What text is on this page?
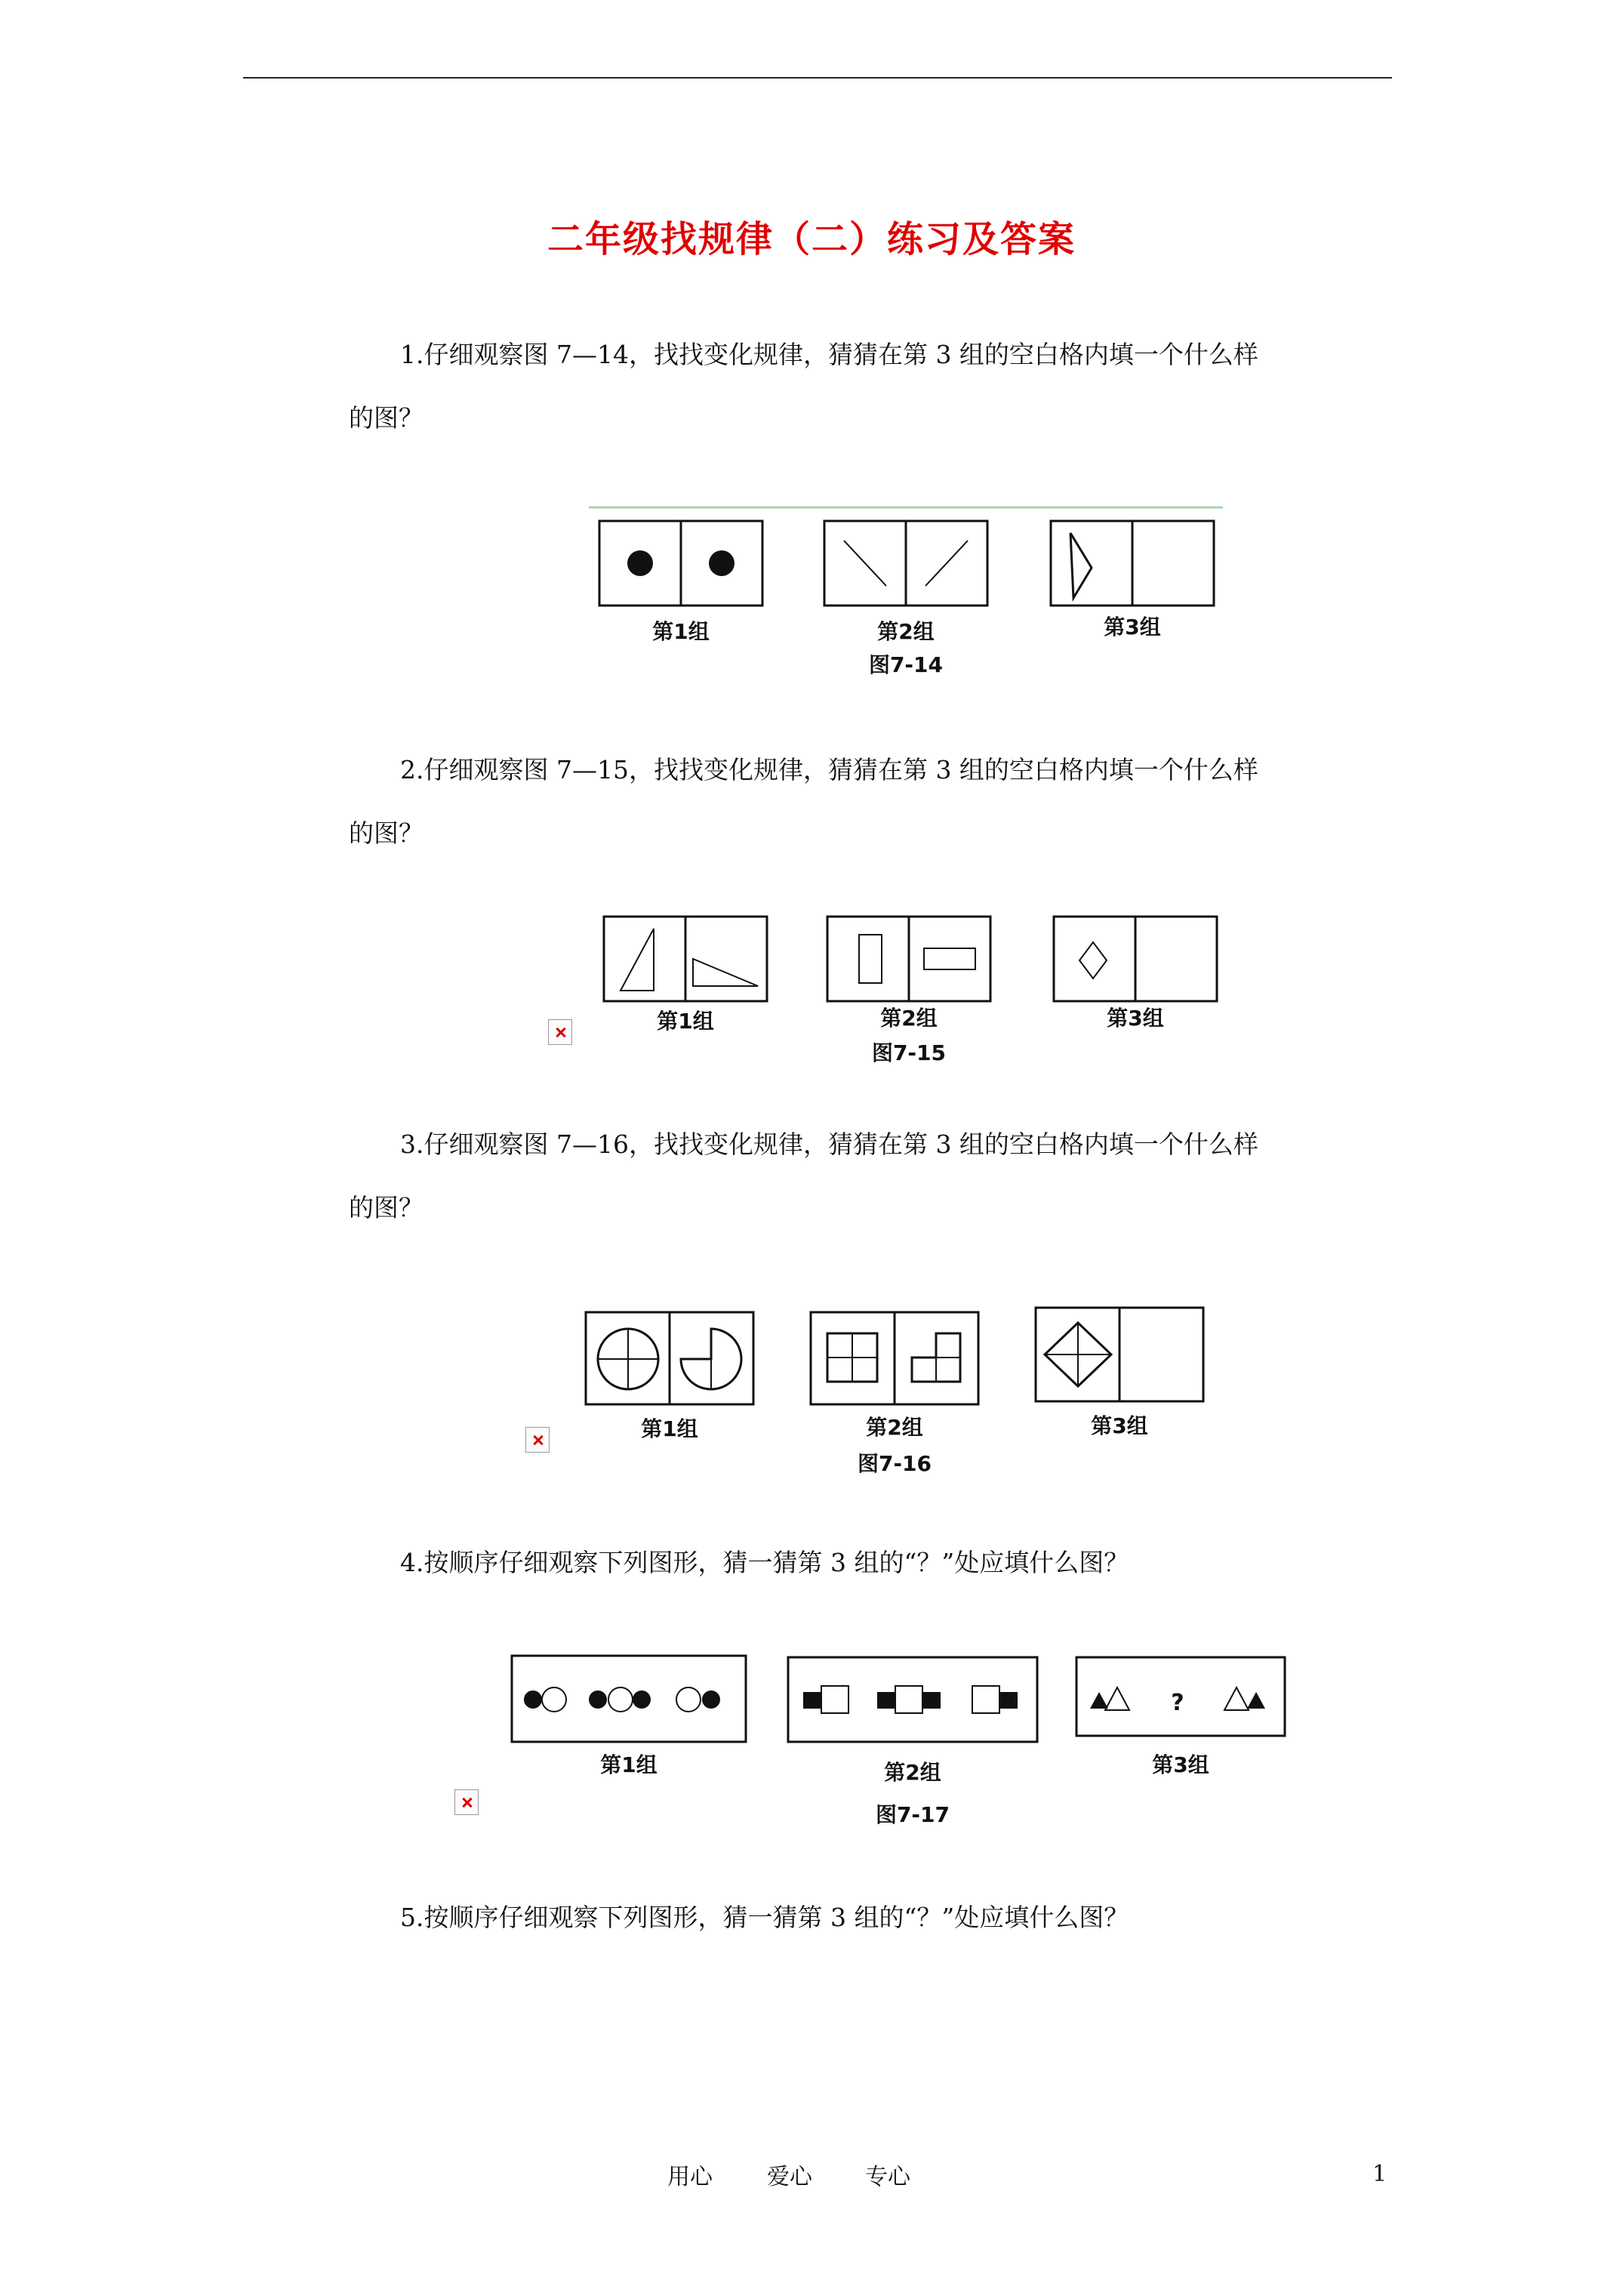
二年级找规律（二）练习及答案
1.仔细观察图 7—14，找找变化规律，猜猜在第 3 组的空白格内填一个什么样
的图？
第1组	第2组	第3组
图7-14
2.仔细观察图 7—15，找找变化规律，猜猜在第 3 组的空白格内填一个什么样
的图？
第1组	第2组	第3组
图7-15
3.仔细观察图 7—16，找找变化规律，猜猜在第 3 组的空白格内填一个什么样
的图？
第1组	第2组	第3组
图7-16
4.按顺序仔细观察下列图形，猜一猜第 3 组的“？”处应填什么图？
?
第1组	第2组	第3组
图7-17
5.按顺序仔细观察下列图形，猜一猜第 3 组的“？”处应填什么图？
用心 爱心 专心	1
